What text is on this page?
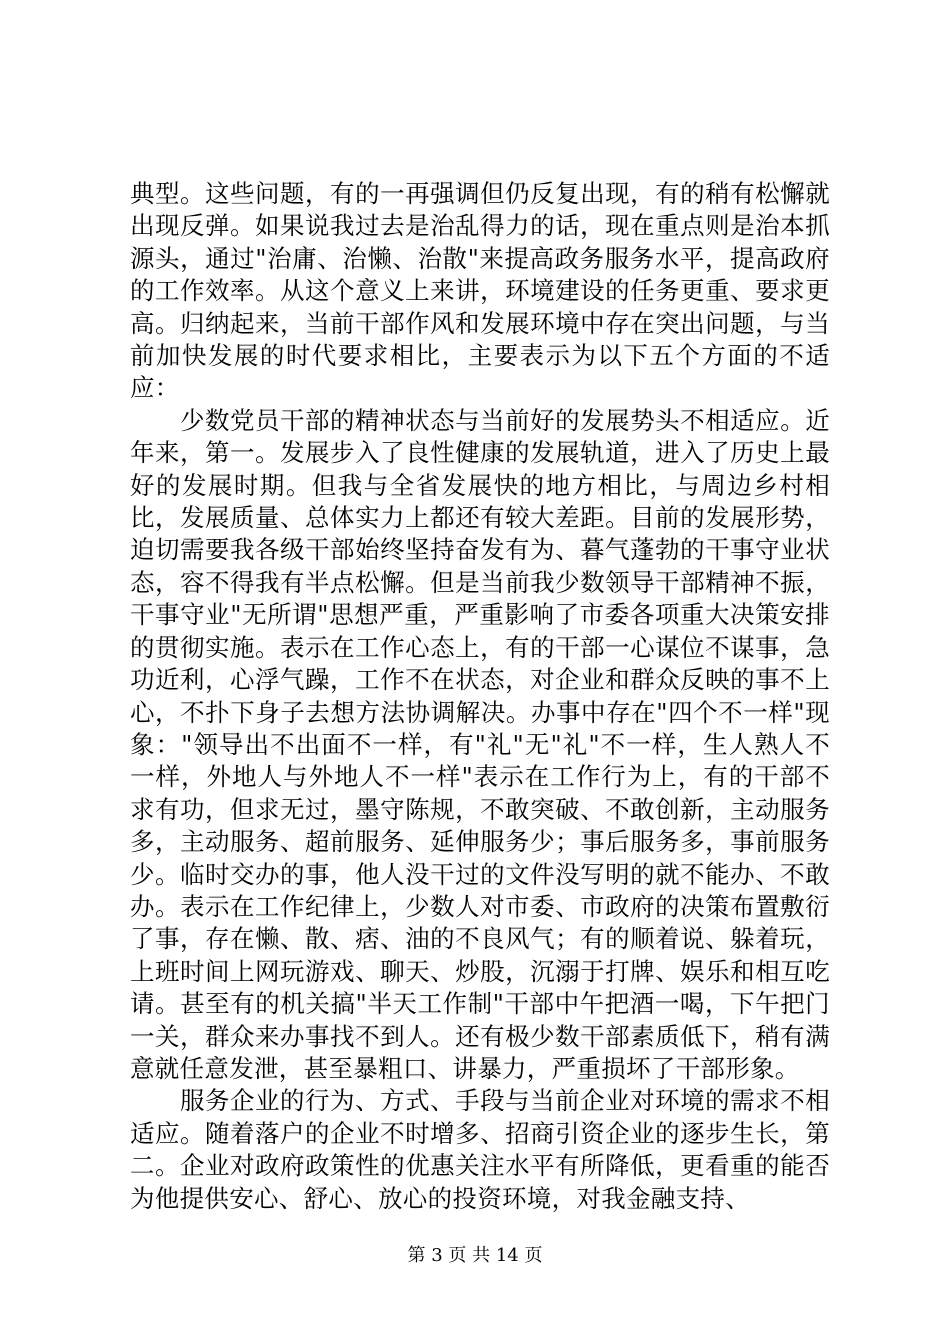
典型。这些问题，有的一再强调但仍反复出现，有的稍有松懈就出现反弹。如果说我过去是治乱得力的话，现在重点则是治本抓源头，通过"治庸、治懒、治散"来提高政务服务水平，提高政府的工作效率。从这个意义上来讲，环境建设的任务更重、要求更高。归纳起来，当前干部作风和发展环境中存在突出问题，与当前加快发展的时代要求相比，主要表示为以下五个方面的不适应：

少数党员干部的精神状态与当前好的发展势头不相适应。近年来，第一。发展步入了良性健康的发展轨道，进入了历史上最好的发展时期。但我与全省发展快的地方相比，与周边乡村相比，发展质量、总体实力上都还有较大差距。目前的发展形势，迫切需要我各级干部始终坚持奋发有为、暮气蓬勃的干事守业状态，容不得我有半点松懈。但是当前我少数领导干部精神不振，干事守业"无所谓"思想严重，严重影响了市委各项重大决策安排的贯彻实施。表示在工作心态上，有的干部一心谋位不谋事，急功近利，心浮气躁，工作不在状态，对企业和群众反映的事不上心，不扑下身子去想方法协调解决。办事中存在"四个不一样"现象："领导出不出面不一样，有"礼"无"礼"不一样，生人熟人不一样，外地人与外地人不一样"表示在工作行为上，有的干部不求有功，但求无过，墨守陈规，不敢突破、不敢创新，主动服务多，主动服务、超前服务、延伸服务少；事后服务多，事前服务少。临时交办的事，他人没干过的文件没写明的就不能办、不敢办。表示在工作纪律上，少数人对市委、市政府的决策布置敷衍了事，存在懒、散、痞、油的不良风气；有的顺着说、躲着玩，上班时间上网玩游戏、聊天、炒股，沉溺于打牌、娱乐和相互吃请。甚至有的机关搞"半天工作制"干部中午把酒一喝，下午把门一关，群众来办事找不到人。还有极少数干部素质低下，稍有满意就任意发泄，甚至暴粗口、讲暴力，严重损坏了干部形象。

服务企业的行为、方式、手段与当前企业对环境的需求不相适应。随着落户的企业不时增多、招商引资企业的逐步生长，第二。企业对政府政策性的优惠关注水平有所降低，更看重的能否为他提供安心、舒心、放心的投资环境，对我金融支持、

第 3 页 共 14 页
